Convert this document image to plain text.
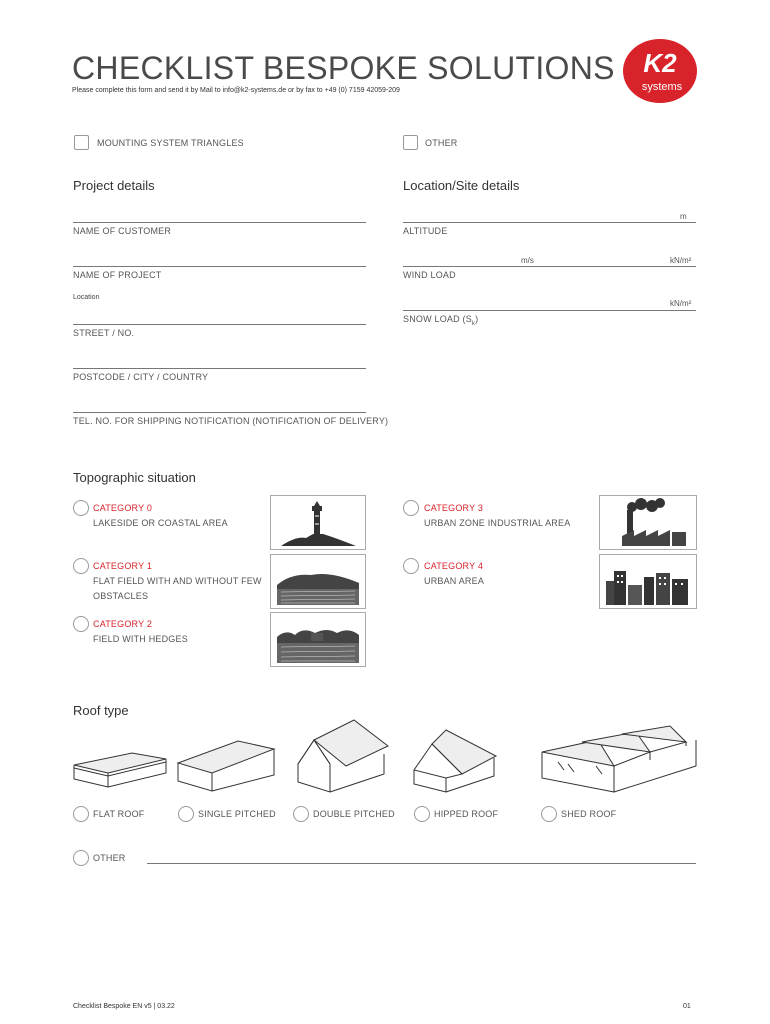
CHECKLIST BESPOKE SOLUTIONS
Please complete this form and send it by Mail to info@k2-systems.de or by fax to +49 (0) 7159 42059-209
K2
systems
MOUNTING SYSTEM TRIANGLES	OTHER
Project details
NAME OF CUSTOMER
NAME OF PROJECT
Location
STREET / NO.
POSTCODE / CITY / COUNTRY
TEL. NO. FOR SHIPPING NOTIFICATION (NOTIFICATION OF DELIVERY)
Location/Site details
m
ALTITUDE
m/s	kN/m²
WIND LOAD
kN/m²
SNOW LOAD $(S_k)$
Topographic situation
CATEGORY 0
LAKESIDE OR COASTAL AREA
CATEGORY 1
FLAT FIELD WITH AND WITHOUT FEW
OBSTACLES
CATEGORY 2
FIELD WITH HEDGES
CATEGORY 3
URBAN ZONE INDUSTRIAL AREA
CATEGORY 4
URBAN AREA
Roof type
FLAT ROOF	SINGLE PITCHED	DOUBLE PITCHED	HIPPED ROOF	SHED ROOF
OTHER
Checklist Bespoke EN v5 | 03.22	01
